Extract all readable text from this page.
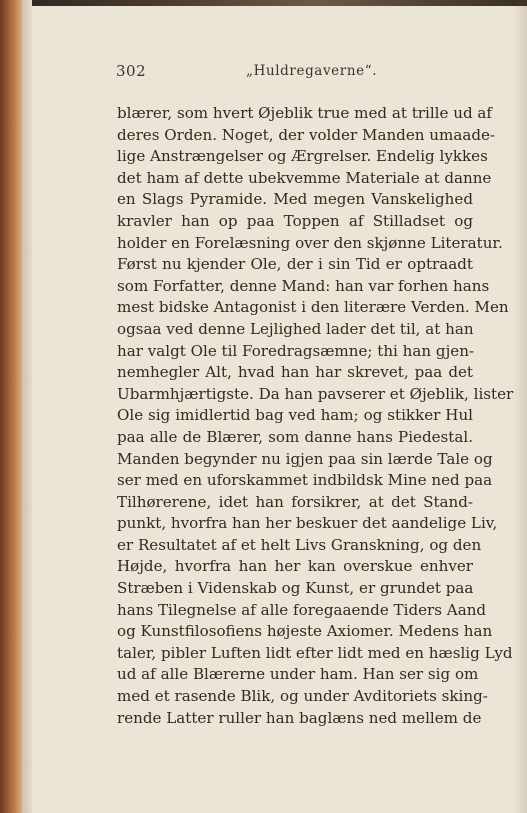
302	„Huldregaverne“.
blærer, som hvert Øjeblik true med at trille ud af
deres Orden. Noget, der volder Manden umaade-
lige Anstrængelser og Ærgrelser. Endelig lykkes
det ham af dette ubekvemme Materiale at danne
en Slags Pyramide. Med megen Vanskelighed
kravler han op paa Toppen af Stilladset og
holder en Forelæsning over den skjønne Literatur.
Først nu kjender Ole, der i sin Tid er optraadt
som Forfatter, denne Mand: han var forhen hans
mest bidske Antagonist i den literære Verden. Men
ogsaa ved denne Lejlighed lader det til, at han
har valgt Ole til Foredragsæmne; thi han gjen-
nemhegler Alt, hvad han har skrevet, paa det
Ubarmhjærtigste. Da han pavserer et Øjeblik, lister
Ole sig imidlertid bag ved ham; og stikker Hul
paa alle de Blærer, som danne hans Piedestal.
Manden begynder nu igjen paa sin lærde Tale og
ser med en uforskammet indbildsk Mine ned paa
Tilhørerene, idet han forsikrer, at det Stand-
punkt, hvorfra han her beskuer det aandelige Liv,
er Resultatet af et helt Livs Granskning, og den
Højde, hvorfra han her kan overskue enhver
Stræben i Videnskab og Kunst, er grundet paa
hans Tilegnelse af alle foregaaende Tiders Aand
og Kunstfilosofiens højeste Axiomer. Medens han
taler, pibler Luften lidt efter lidt med en hæslig Lyd
ud af alle Blærerne under ham. Han ser sig om
med et rasende Blik, og under Avditoriets sking-
rende Latter ruller han baglæns ned mellem de
